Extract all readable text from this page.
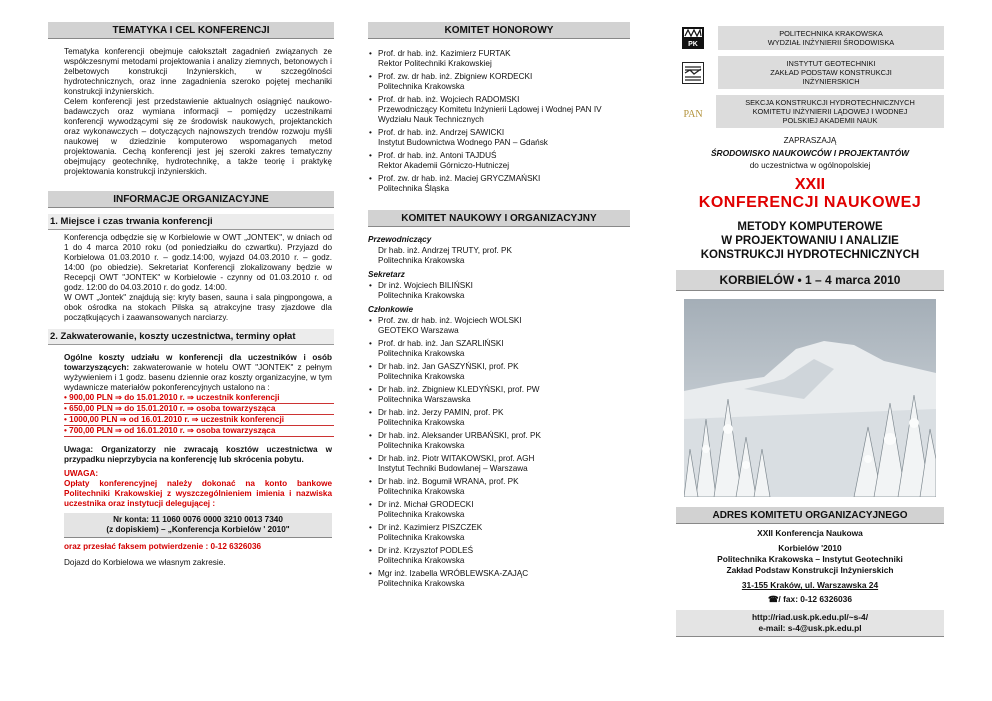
TEMATYKA I CEL KONFERENCJI

Tematyka konferencji obejmuje całokształt zagadnień związanych ze współczesnymi metodami projektowania i analizy ziemnych, betonowych i żelbetowych konstrukcji Inżynierskich, w szczególności hydrotechnicznych, oraz inne zagadnienia szeroko pojętej mechaniki konstrukcji inżynierskich.

Celem konferencji jest przedstawienie aktualnych osiągnięć naukowo-badawczych oraz wymiana informacji – pomiędzy uczestnikami konferencji wywodzącymi się ze środowisk naukowych, projektanckich oraz wykonawczych – dotyczących najnowszych trendów rozwoju myśli naukowej w dziedzinie komputerowo wspomaganych metod projektowania. Cechą konferencji jest jej szeroki zakres tematyczny obejmujący geotechnikę, hydrotechnikę, a także teorię i praktykę projektowania konstrukcji inżynierskich.

INFORMACJE ORGANIZACYJNE
1. Miejsce i czas trwania konferencji

Konferencja odbędzie się w Korbielowie w OWT „JONTEK", w dniach od 1 do 4 marca 2010 roku (od poniedziałku do czwartku). Przyjazd do Korbielowa 01.03.2010 r. – godz.14:00, wyjazd 04.03.2010 r. – godz. 14:00 (po obiedzie). Sekretariat Konferencji zlokalizowany będzie w Recepcji OWT "JONTEK" w Korbielowie - czynny od 01.03.2010 r. od godz. 12:00 do 04.03.2010 r. do godz. 14:00.

W OWT „Jontek" znajdują się: kryty basen, sauna i sala pingpongowa, a obok ośrodka na stokach Pilska są atrakcyjne trasy zjazdowe dla początkujących i zaawansowanych narciarzy.

2. Zakwaterowanie, koszty uczestnictwa, terminy opłat

Ogólne koszty udziału w konferencji dla uczestników i osób towarzyszących: zakwaterowanie w hotelu OWT "JONTEK" z pełnym wyżywieniem i 1 godz. basenu dziennie oraz koszty organizacyjne, w tym wydawnicze materiałów pokonferencyjnych ustalono na :

• 900,00 PLN ⇒ do 15.01.2010 r. ⇒ uczestnik konferencji
• 650,00 PLN ⇒ do 15.01.2010 r. ⇒ osoba towarzysząca
• 1000,00 PLN ⇒ od 16.01.2010 r. ⇒ uczestnik konferencji
• 700,00 PLN ⇒ od 16.01.2010 r. ⇒ osoba towarzysząca

Uwaga: Organizatorzy nie zwracają kosztów uczestnictwa w przypadku nieprzybycia na konferencję lub skrócenia pobytu.

UWAGA:

Opłaty konferencyjnej należy dokonać na konto bankowe Politechniki Krakowskiej z wyszczególnieniem imienia i nazwiska uczestnika oraz instytucji delegującej :

Nr konta: 11 1060 0076 0000 3210 0013 7340
(z dopiskiem) – „Konferencja Korbielów ' 2010"

oraz przesłać faksem potwierdzenie : 0-12 6326036

Dojazd do Korbielowa we własnym zakresie.

KOMITET HONOROWY
• Prof. dr hab. inż. Kazimierz FURTAK
Rektor Politechniki Krakowskiej
• Prof. zw. dr hab. inż. Zbigniew KORDECKI
Politechnika Krakowska
• Prof. dr hab. inż. Wojciech RADOMSKI
Przewodniczący Komitetu Inżynierii Lądowej i Wodnej PAN IV Wydziału Nauk Technicznych
• Prof. dr hab. inż. Andrzej SAWICKI
Instytut Budownictwa Wodnego PAN – Gdańsk
• Prof. dr hab. inż. Antoni TAJDUŚ
Rektor Akademii Górniczo-Hutniczej
• Prof. zw. dr hab. inż. Maciej GRYCZMAŃSKI
Politechnika Śląska
KOMITET NAUKOWY I ORGANIZACYJNY
Przewodniczący

Dr hab. inż. Andrzej TRUTY, prof. PK

Politechnika Krakowska

Sekretarz
• Dr inż. Wojciech BILIŃSKI
Politechnika Krakowska
Członkowie
• Prof. zw. dr hab. inż. Wojciech WOLSKI
GEOTEKO Warszawa
• Prof. dr hab. inż. Jan SZARLIŃSKI
Politechnika Krakowska
• Dr hab. inż. Jan GASZYŃSKI, prof. PK
Politechnika Krakowska
• Dr hab. inż. Zbigniew KLEDYŃSKI, prof. PW
Politechnika Warszawska
• Dr hab. inż. Jerzy PAMIN, prof. PK
Politechnika Krakowska
• Dr hab. inż. Aleksander URBAŃSKI, prof. PK
Politechnika Krakowska
• Dr hab. inż. Piotr WITAKOWSKI, prof. AGH
Instytut Techniki Budowlanej – Warszawa
• Dr hab. inż. Bogumił WRANA, prof. PK
Politechnika Krakowska
• Dr inż. Michał GRODECKI
Politechnika Krakowska
• Dr inż. Kazimierz PISZCZEK
Politechnika Krakowska
• Dr inż. Krzysztof PODLEŚ
Politechnika Krakowska
• Mgr inż. Izabella WRÓBLEWSKA-ZAJĄC
Politechnika Krakowska
PK
POLITECHNIKA KRAKOWSKA
WYDZIAŁ INŻYNIERII ŚRODOWISKA
INSTYTUT GEOTECHNIKI
ZAKŁAD PODSTAW KONSTRUKCJI
INŻYNIERSKICH
PAN
SEKCJA KONSTRUKCJI HYDROTECHNICZNYCH
KOMITETU INŻYNIERII LĄDOWEJ I WODNEJ
POLSKIEJ AKADEMII NAUK
ZAPRASZAJĄ
ŚRODOWISKO NAUKOWCÓW I PROJEKTANTÓW
do uczestnictwa w ogólnopolskiej
XXII
KONFERENCJI NAUKOWEJ
METODY KOMPUTEROWE
W PROJEKTOWANIU I ANALIZIE
KONSTRUKCJI HYDROTECHNICZNYCH
KORBIELÓW • 1 – 4 marca 2010
ADRES KOMITETU ORGANIZACYJNEGO
XXII Konferencja Naukowa
Korbielów '2010
Politechnika Krakowska – Instytut Geotechniki
Zakład Podstaw Konstrukcji Inżynierskich
31-155 Kraków, ul. Warszawska 24
☎/ fax: 0-12 6326036
http://riad.usk.pk.edu.pl/~s-4/
e-mail: s-4@usk.pk.edu.pl
